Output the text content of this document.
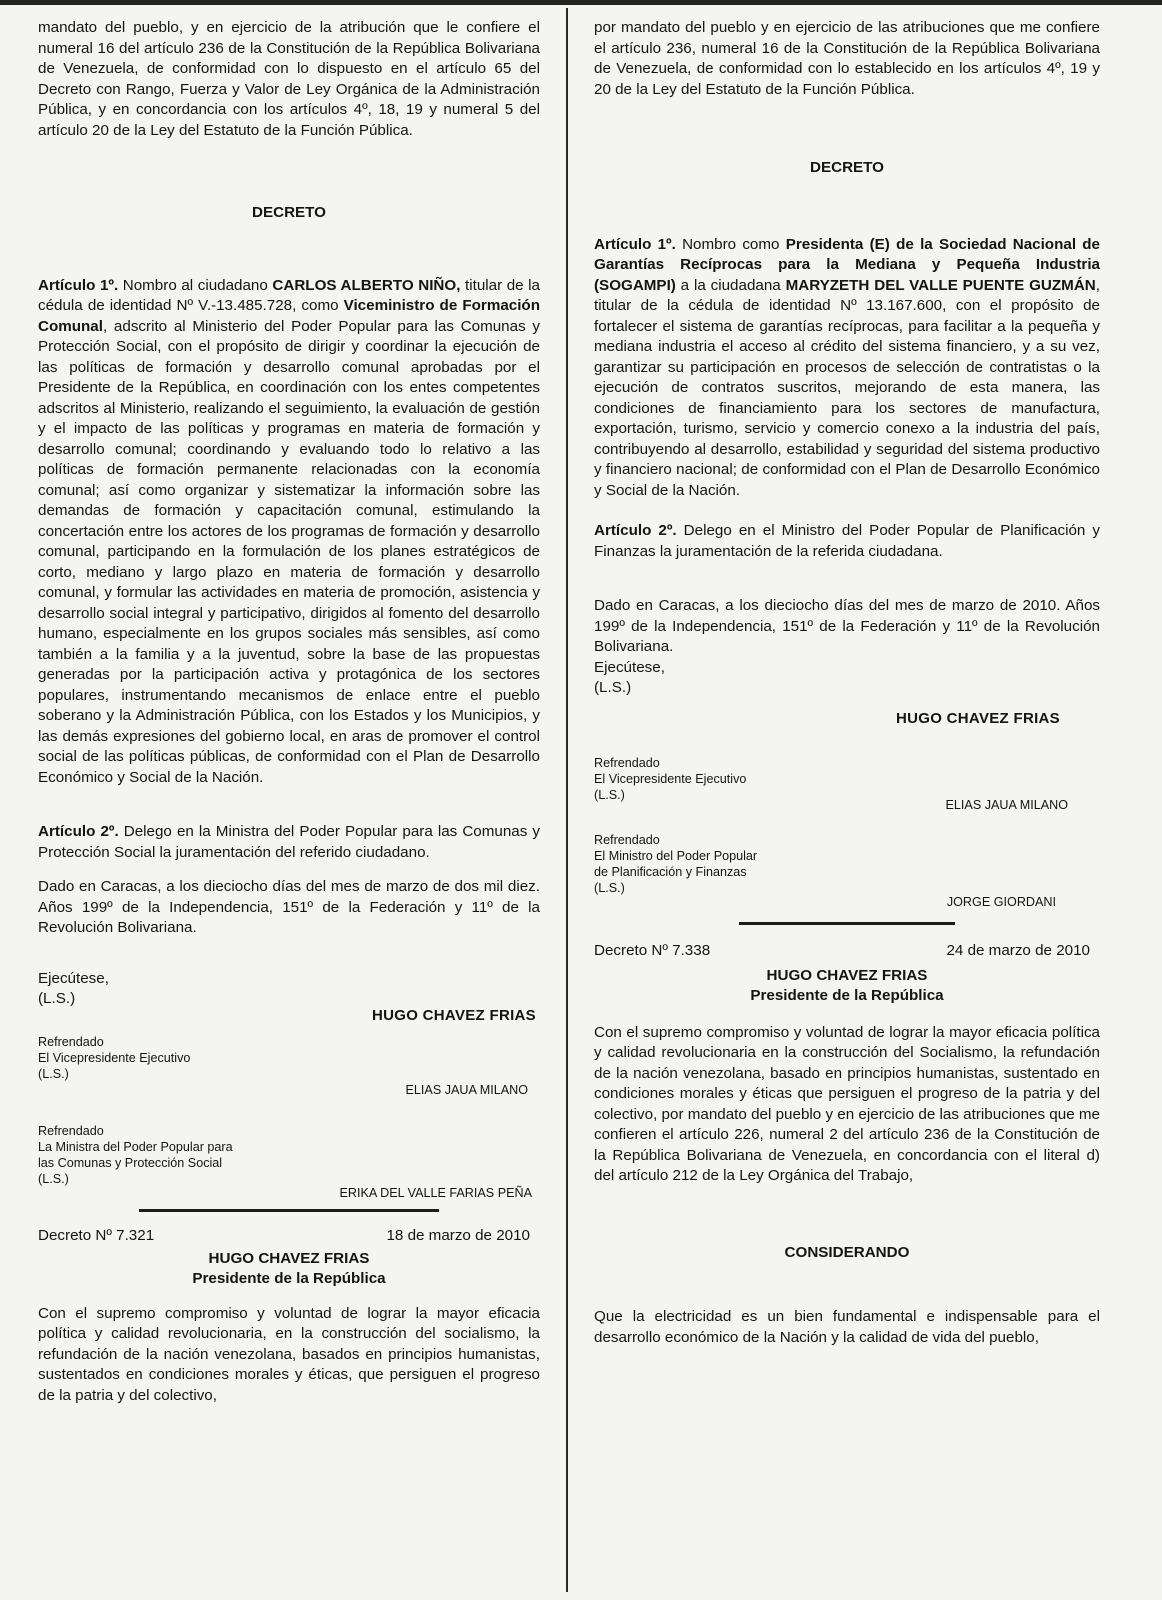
mandato del pueblo, y en ejercicio de la atribución que le confiere el numeral 16 del artículo 236 de la Constitución de la República Bolivariana de Venezuela, de conformidad con lo dispuesto en el artículo 65 del Decreto con Rango, Fuerza y Valor de Ley Orgánica de la Administración Pública, y en concordancia con los artículos 4º, 18, 19 y numeral 5 del artículo 20 de la Ley del Estatuto de la Función Pública.

DECRETO

Artículo 1º. Nombro al ciudadano CARLOS ALBERTO NIÑO, titular de la cédula de identidad Nº V.-13.485.728, como Viceministro de Formación Comunal, adscrito al Ministerio del Poder Popular para las Comunas y Protección Social, con el propósito de dirigir y coordinar la ejecución de las políticas de formación y desarrollo comunal aprobadas por el Presidente de la República, en coordinación con los entes competentes adscritos al Ministerio, realizando el seguimiento, la evaluación de gestión y el impacto de las políticas y programas en materia de formación y desarrollo comunal; coordinando y evaluando todo lo relativo a las políticas de formación permanente relacionadas con la economía comunal; así como organizar y sistematizar la información sobre las demandas de formación y capacitación comunal, estimulando la concertación entre los actores de los programas de formación y desarrollo comunal, participando en la formulación de los planes estratégicos de corto, mediano y largo plazo en materia de formación y desarrollo comunal, y formular las actividades en materia de promoción, asistencia y desarrollo social integral y participativo, dirigidos al fomento del desarrollo humano, especialmente en los grupos sociales más sensibles, así como también a la familia y a la juventud, sobre la base de las propuestas generadas por la participación activa y protagónica de los sectores populares, instrumentando mecanismos de enlace entre el pueblo soberano y la Administración Pública, con los Estados y los Municipios, y las demás expresiones del gobierno local, en aras de promover el control social de las políticas públicas, de conformidad con el Plan de Desarrollo Económico y Social de la Nación.

Artículo 2º. Delego en la Ministra del Poder Popular para las Comunas y Protección Social la juramentación del referido ciudadano.

Dado en Caracas, a los dieciocho días del mes de marzo de dos mil diez. Años 199º de la Independencia, 151º de la Federación y 11º de la Revolución Bolivariana.

Ejecútese,

(L.S.)

HUGO CHAVEZ FRIAS

Refrendado
El Vicepresidente Ejecutivo
(L.S.)

ELIAS JAUA MILANO

Refrendado
La Ministra del Poder Popular para
las Comunas y Protección Social
(L.S.)

ERIKA DEL VALLE FARIAS PEÑA

Decreto Nº 7.321	18 de marzo de 2010

HUGO CHAVEZ FRIAS

Presidente de la República

Con el supremo compromiso y voluntad de lograr la mayor eficacia política y calidad revolucionaria, en la construcción del socialismo, la refundación de la nación venezolana, basados en principios humanistas, sustentados en condiciones morales y éticas, que persiguen el progreso de la patria y del colectivo,

por mandato del pueblo y en ejercicio de las atribuciones que me confiere el artículo 236, numeral 16 de la Constitución de la República Bolivariana de Venezuela, de conformidad con lo establecido en los artículos 4º, 19 y 20 de la Ley del Estatuto de la Función Pública.

DECRETO

Artículo 1º. Nombro como Presidenta (E) de la Sociedad Nacional de Garantías Recíprocas para la Mediana y Pequeña Industria (SOGAMPI) a la ciudadana MARYZETH DEL VALLE PUENTE GUZMÁN, titular de la cédula de identidad Nº 13.167.600, con el propósito de fortalecer el sistema de garantías recíprocas, para facilitar a la pequeña y mediana industria el acceso al crédito del sistema financiero, y a su vez, garantizar su participación en procesos de selección de contratistas o la ejecución de contratos suscritos, mejorando de esta manera, las condiciones de financiamiento para los sectores de manufactura, exportación, turismo, servicio y comercio conexo a la industria del país, contribuyendo al desarrollo, estabilidad y seguridad del sistema productivo y financiero nacional; de conformidad con el Plan de Desarrollo Económico y Social de la Nación.

Artículo 2º. Delego en el Ministro del Poder Popular de Planificación y Finanzas la juramentación de la referida ciudadana.

Dado en Caracas, a los dieciocho días del mes de marzo de 2010. Años 199º de la Independencia, 151º de la Federación y 11º de la Revolución Bolivariana.

Ejecútese,

(L.S.)

HUGO CHAVEZ FRIAS

Refrendado
El Vicepresidente Ejecutivo
(L.S.)

ELIAS JAUA MILANO

Refrendado
El Ministro del Poder Popular
de Planificación y Finanzas
(L.S.)

JORGE GIORDANI

Decreto Nº 7.338	24 de marzo de 2010

HUGO CHAVEZ FRIAS

Presidente de la República

Con el supremo compromiso y voluntad de lograr la mayor eficacia política y calidad revolucionaria en la construcción del Socialismo, la refundación de la nación venezolana, basado en principios humanistas, sustentado en condiciones morales y éticas que persiguen el progreso de la patria y del colectivo, por mandato del pueblo y en ejercicio de las atribuciones que me confieren el artículo 226, numeral 2 del artículo 236 de la Constitución de la República Bolivariana de Venezuela, en concordancia con el literal d) del artículo 212 de la Ley Orgánica del Trabajo,

CONSIDERANDO

Que la electricidad es un bien fundamental e indispensable para el desarrollo económico de la Nación y la calidad de vida del pueblo,
